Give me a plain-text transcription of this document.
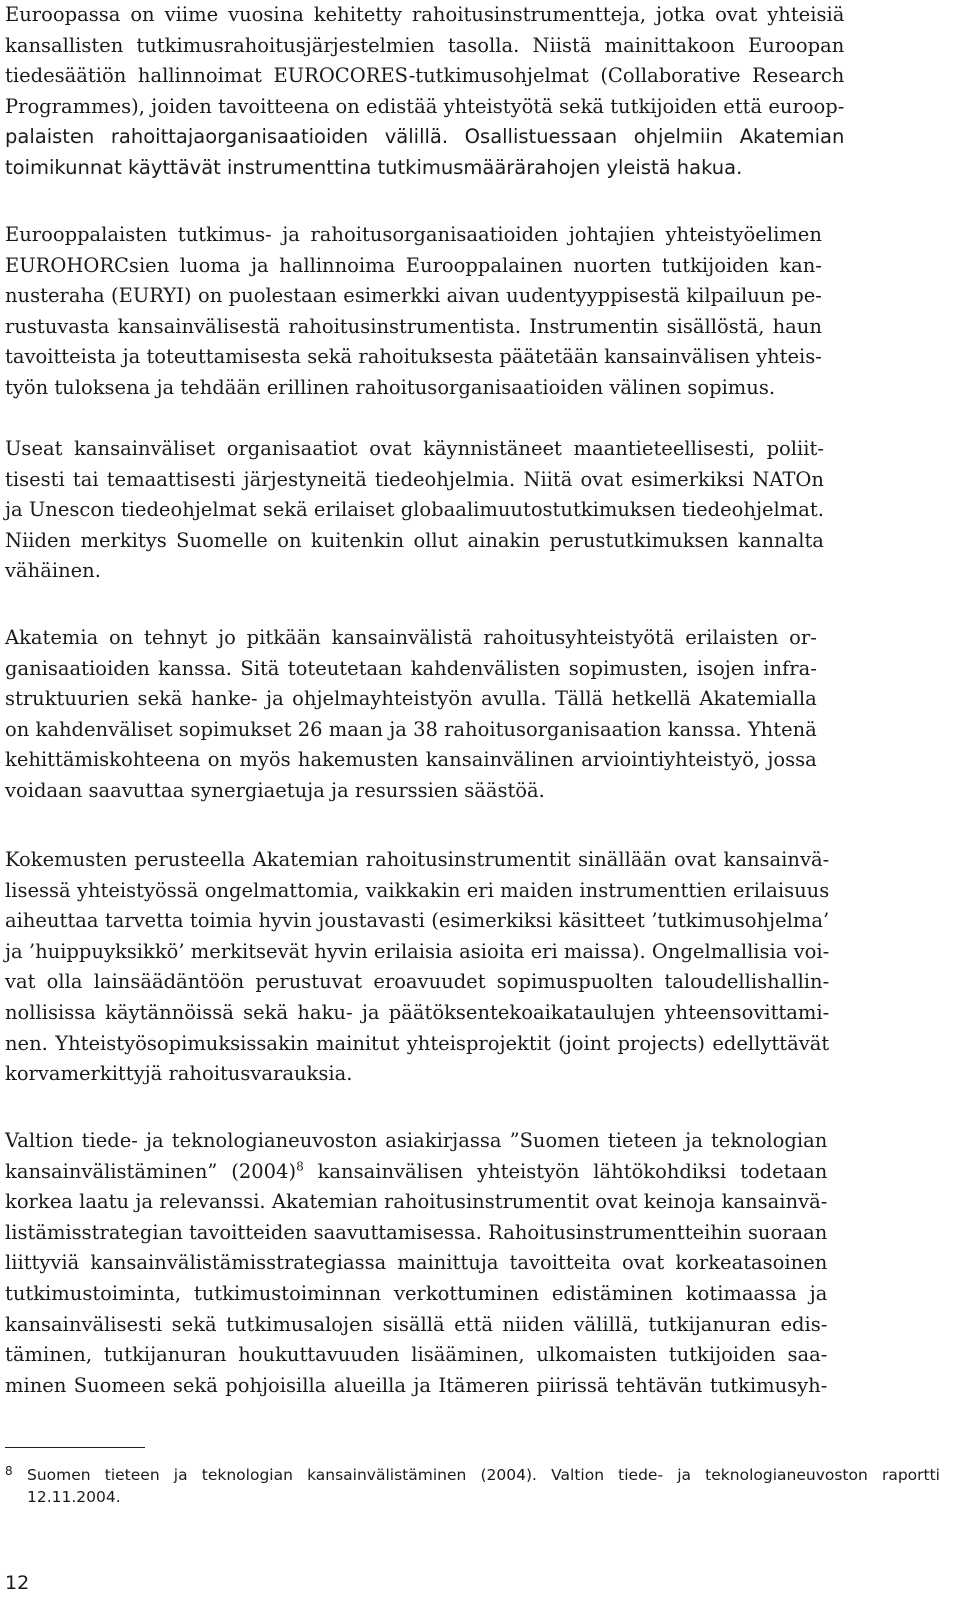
Euroopassa on viime vuosina kehitetty rahoitusinstrumentteja, jotka ovat yhteisiä
kansallisten tutkimusrahoitusjärjestelmien tasolla. Niistä mainittakoon Euroopan
tiedesäätiön hallinnoimat EUROCORES-tutkimusohjelmat (Collaborative Research
Programmes), joiden tavoitteena on edistää yhteistyötä sekä tutkijoiden että euroop-
palaisten rahoittajaorganisaatioiden välillä. Osallistuessaan ohjelmiin Akatemian
toimikunnat käyttävät instrumenttina tutkimusmäärärahojen yleistä hakua.

Eurooppalaisten tutkimus- ja rahoitusorganisaatioiden johtajien yhteistyöelimen
EUROHORCsien luoma ja hallinnoima Eurooppalainen nuorten tutkijoiden kan-
nusteraha (EURYI) on puolestaan esimerkki aivan uudentyyppisestä kilpailuun pe-
rustuvasta kansainvälisestä rahoitusinstrumentista. Instrumentin sisällöstä, haun
tavoitteista ja toteuttamisesta sekä rahoituksesta päätetään kansainvälisen yhteis-
työn tuloksena ja tehdään erillinen rahoitusorganisaatioiden välinen sopimus.

Useat kansainväliset organisaatiot ovat käynnistäneet maantieteellisesti, poliit-
tisesti tai temaattisesti järjestyneitä tiedeohjelmia. Niitä ovat esimerkiksi NATOn
ja Unescon tiedeohjelmat sekä erilaiset globaalimuutostutkimuksen tiedeohjelmat.
Niiden merkitys Suomelle on kuitenkin ollut ainakin perustutkimuksen kannalta
vähäinen.

Akatemia on tehnyt jo pitkään kansainvälistä rahoitusyhteistyötä erilaisten or-
ganisaatioiden kanssa. Sitä toteutetaan kahdenvälisten sopimusten, isojen infra-
struktuurien sekä hanke- ja ohjelmayhteistyön avulla. Tällä hetkellä Akatemialla
on kahdenväliset sopimukset 26 maan ja 38 rahoitusorganisaation kanssa. Yhtenä
kehittämiskohteena on myös hakemusten kansainvälinen arviointiyhteistyö, jossa
voidaan saavuttaa synergiaetuja ja resurssien säästöä.

Kokemusten perusteella Akatemian rahoitusinstrumentit sinällään ovat kansainvä-
lisessä yhteistyössä ongelmattomia, vaikkakin eri maiden instrumenttien erilaisuus
aiheuttaa tarvetta toimia hyvin joustavasti (esimerkiksi käsitteet ’tutkimusohjelma’
ja ’huippuyksikkö’ merkitsevät hyvin erilaisia asioita eri maissa). Ongelmallisia voi-
vat olla lainsäädäntöön perustuvat eroavuudet sopimuspuolten taloudellishallin-
nollisissa käytännöissä sekä haku- ja päätöksentekoaikataulujen yhteensovittami-
nen. Yhteistyösopimuksissakin mainitut yhteisprojektit (joint projects) edellyttävät
korvamerkittyjä rahoitusvarauksia.

Valtion tiede- ja teknologianeuvoston asiakirjassa ”Suomen tieteen ja teknologian
kansainvälistäminen” $(2004)^8$ kansainvälisen yhteistyön lähtökohdiksi todetaan
korkea laatu ja relevanssi. Akatemian rahoitusinstrumentit ovat keinoja kansainvä-
listämisstrategian tavoitteiden saavuttamisessa. Rahoitusinstrumentteihin suoraan
liittyviä kansainvälistämisstrategiassa mainittuja tavoitteita ovat korkeatasoinen
tutkimustoiminta, tutkimustoiminnan verkottuminen edistäminen kotimaassa ja
kansainvälisesti sekä tutkimusalojen sisällä että niiden välillä, tutkijanuran edis-
täminen, tutkijanuran houkuttavuuden lisääminen, ulkomaisten tutkijoiden saa-
minen Suomeen sekä pohjoisilla alueilla ja Itämeren piirissä tehtävän tutkimusyh-

8 Suomen tieteen ja teknologian kansainvälistäminen (2004). Valtion tiede- ja teknologianeuvoston raportti
12.11.2004.
12
